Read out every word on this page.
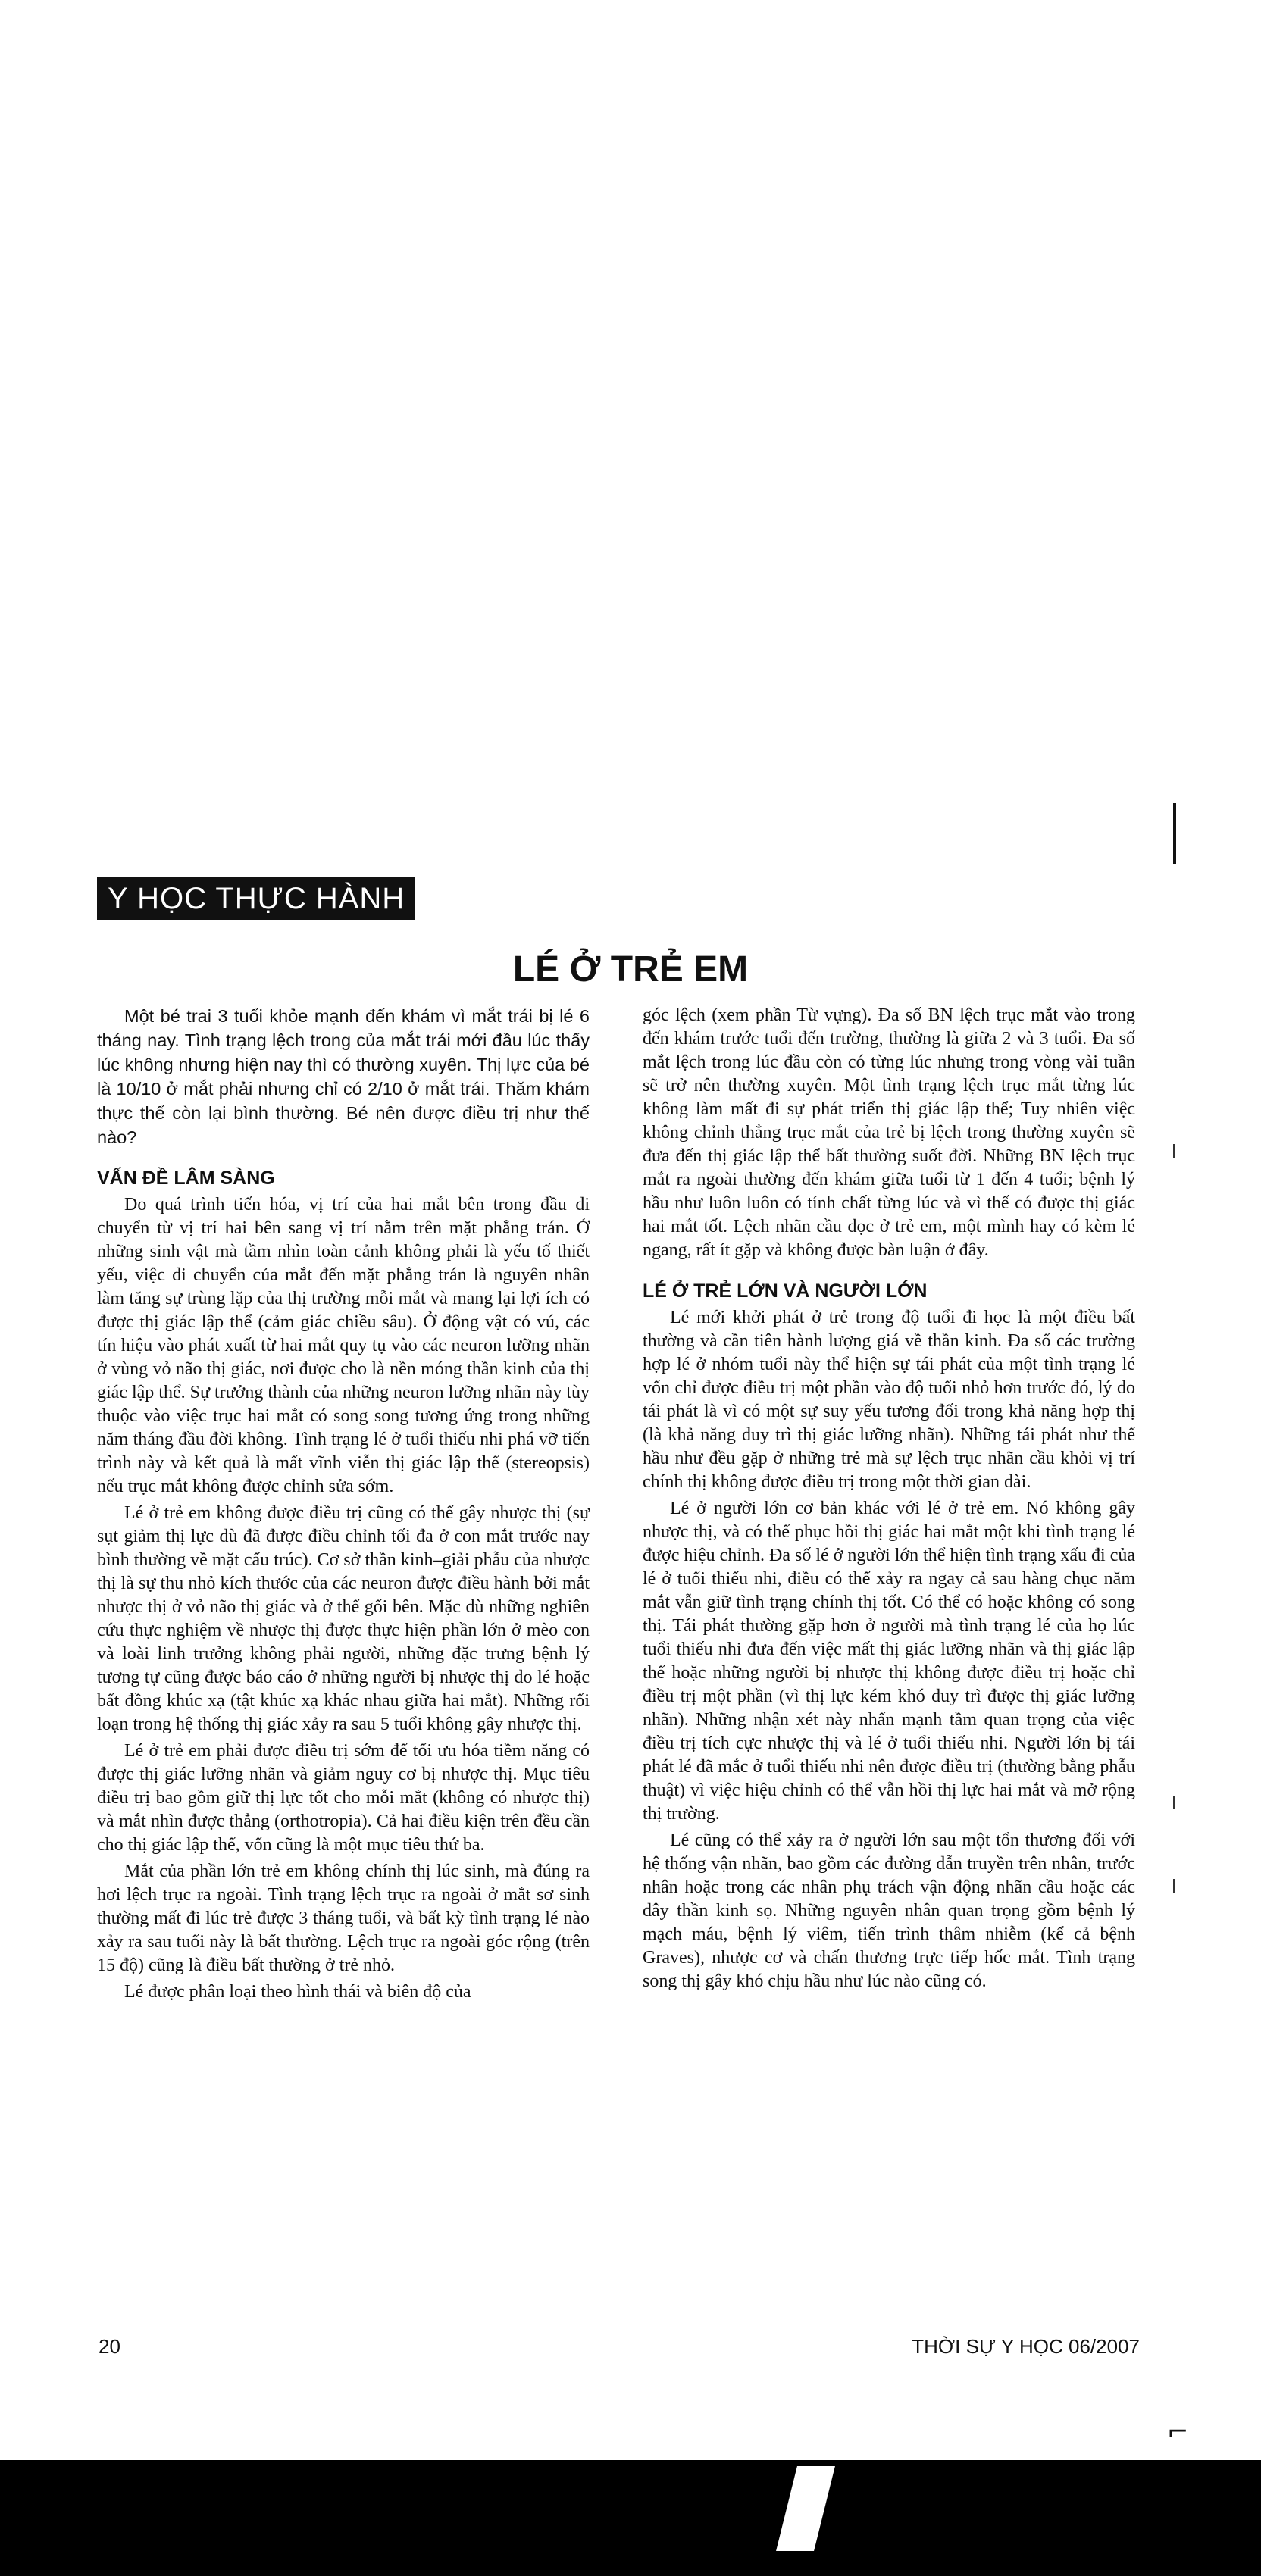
Y HỌC THỰC HÀNH
LÉ Ở TRẺ EM

Một bé trai 3 tuổi khỏe mạnh đến khám vì mắt trái bị lé 6 tháng nay. Tình trạng lệch trong của mắt trái mới đầu lúc thấy lúc không nhưng hiện nay thì có thường xuyên. Thị lực của bé là 10/10 ở mắt phải nhưng chỉ có 2/10 ở mắt trái. Thăm khám thực thể còn lại bình thường. Bé nên được điều trị như thế nào?

VẤN ĐỀ LÂM SÀNG

Do quá trình tiến hóa, vị trí của hai mắt bên trong đầu di chuyển từ vị trí hai bên sang vị trí nằm trên mặt phẳng trán. Ở những sinh vật mà tầm nhìn toàn cảnh không phải là yếu tố thiết yếu, việc di chuyển của mắt đến mặt phẳng trán là nguyên nhân làm tăng sự trùng lặp của thị trường mỗi mắt và mang lại lợi ích có được thị giác lập thể (cảm giác chiều sâu). Ở động vật có vú, các tín hiệu vào phát xuất từ hai mắt quy tụ vào các neuron lưỡng nhãn ở vùng vỏ não thị giác, nơi được cho là nền móng thần kinh của thị giác lập thể. Sự trưởng thành của những neuron lưỡng nhãn này tùy thuộc vào việc trục hai mắt có song song tương ứng trong những năm tháng đầu đời không. Tình trạng lé ở tuổi thiếu nhi phá vỡ tiến trình này và kết quả là mất vĩnh viễn thị giác lập thể (stereopsis) nếu trục mắt không được chỉnh sửa sớm.

Lé ở trẻ em không được điều trị cũng có thể gây nhược thị (sự sụt giảm thị lực dù đã được điều chỉnh tối đa ở con mắt trước nay bình thường về mặt cấu trúc). Cơ sở thần kinh–giải phẫu của nhược thị là sự thu nhỏ kích thước của các neuron được điều hành bởi mắt nhược thị ở vỏ não thị giác và ở thể gối bên. Mặc dù những nghiên cứu thực nghiệm về nhược thị được thực hiện phần lớn ở mèo con và loài linh trưởng không phải người, những đặc trưng bệnh lý tương tự cũng được báo cáo ở những người bị nhược thị do lé hoặc bất đồng khúc xạ (tật khúc xạ khác nhau giữa hai mắt). Những rối loạn trong hệ thống thị giác xảy ra sau 5 tuổi không gây nhược thị.

Lé ở trẻ em phải được điều trị sớm để tối ưu hóa tiềm năng có được thị giác lưỡng nhãn và giảm nguy cơ bị nhược thị. Mục tiêu điều trị bao gồm giữ thị lực tốt cho mỗi mắt (không có nhược thị) và mắt nhìn được thẳng (orthotropia). Cả hai điều kiện trên đều cần cho thị giác lập thể, vốn cũng là một mục tiêu thứ ba.

Mắt của phần lớn trẻ em không chính thị lúc sinh, mà đúng ra hơi lệch trục ra ngoài. Tình trạng lệch trục ra ngoài ở mắt sơ sinh thường mất đi lúc trẻ được 3 tháng tuổi, và bất kỳ tình trạng lé nào xảy ra sau tuổi này là bất thường. Lệch trục ra ngoài góc rộng (trên 15 độ) cũng là điều bất thường ở trẻ nhỏ.

Lé được phân loại theo hình thái và biên độ của

góc lệch (xem phần Từ vựng). Đa số BN lệch trục mắt vào trong đến khám trước tuổi đến trường, thường là giữa 2 và 3 tuổi. Đa số mắt lệch trong lúc đầu còn có từng lúc nhưng trong vòng vài tuần sẽ trở nên thường xuyên. Một tình trạng lệch trục mắt từng lúc không làm mất đi sự phát triển thị giác lập thể; Tuy nhiên việc không chỉnh thẳng trục mắt của trẻ bị lệch trong thường xuyên sẽ đưa đến thị giác lập thể bất thường suốt đời. Những BN lệch trục mắt ra ngoài thường đến khám giữa tuổi từ 1 đến 4 tuổi; bệnh lý hầu như luôn luôn có tính chất từng lúc và vì thế có được thị giác hai mắt tốt. Lệch nhãn cầu dọc ở trẻ em, một mình hay có kèm lé ngang, rất ít gặp và không được bàn luận ở đây.

LÉ Ở TRẺ LỚN VÀ NGƯỜI LỚN

Lé mới khởi phát ở trẻ trong độ tuổi đi học là một điều bất thường và cần tiên hành lượng giá về thần kinh. Đa số các trường hợp lé ở nhóm tuổi này thể hiện sự tái phát của một tình trạng lé vốn chỉ được điều trị một phần vào độ tuổi nhỏ hơn trước đó, lý do tái phát là vì có một sự suy yếu tương đối trong khả năng hợp thị (là khả năng duy trì thị giác lưỡng nhãn). Những tái phát như thế hầu như đều gặp ở những trẻ mà sự lệch trục nhãn cầu khỏi vị trí chính thị không được điều trị trong một thời gian dài.

Lé ở người lớn cơ bản khác với lé ở trẻ em. Nó không gây nhược thị, và có thể phục hồi thị giác hai mắt một khi tình trạng lé được hiệu chỉnh. Đa số lé ở người lớn thể hiện tình trạng xấu đi của lé ở tuổi thiếu nhi, điều có thể xảy ra ngay cả sau hàng chục năm mắt vẫn giữ tình trạng chính thị tốt. Có thể có hoặc không có song thị. Tái phát thường gặp hơn ở người mà tình trạng lé của họ lúc tuổi thiếu nhi đưa đến việc mất thị giác lưỡng nhãn và thị giác lập thể hoặc những người bị nhược thị không được điều trị hoặc chỉ điều trị một phần (vì thị lực kém khó duy trì được thị giác lưỡng nhãn). Những nhận xét này nhấn mạnh tầm quan trọng của việc điều trị tích cực nhược thị và lé ở tuổi thiếu nhi. Người lớn bị tái phát lé đã mắc ở tuổi thiếu nhi nên được điều trị (thường bằng phẫu thuật) vì việc hiệu chỉnh có thể vẫn hồi thị lực hai mắt và mở rộng thị trường.

Lé cũng có thể xảy ra ở người lớn sau một tổn thương đối với hệ thống vận nhãn, bao gồm các đường dẫn truyền trên nhân, trước nhân hoặc trong các nhân phụ trách vận động nhãn cầu hoặc các dây thần kinh sọ. Những nguyên nhân quan trọng gồm bệnh lý mạch máu, bệnh lý viêm, tiến trình thâm nhiễm (kể cả bệnh Graves), nhược cơ và chấn thương trực tiếp hốc mắt. Tình trạng song thị gây khó chịu hầu như lúc nào cũng có.

20	THỜI SỰ Y HỌC 06/2007
⌐
